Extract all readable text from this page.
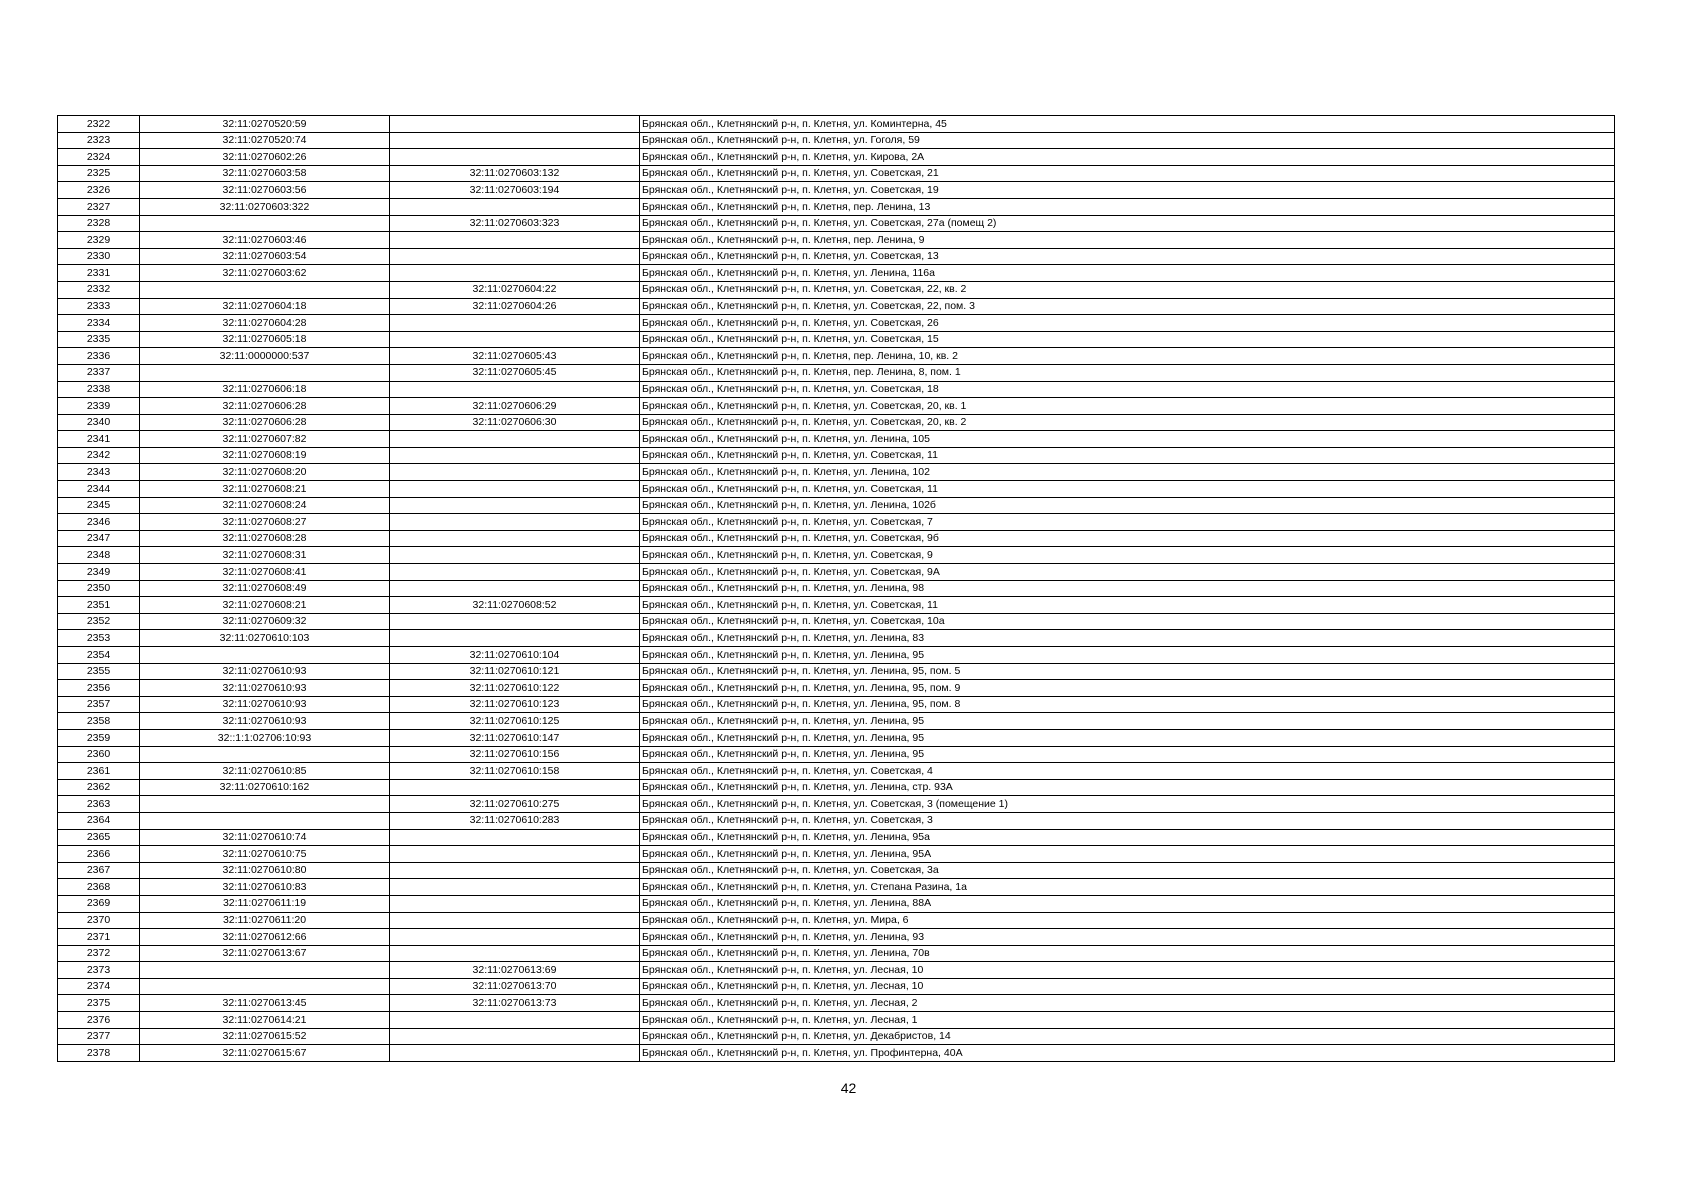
2322	32:11:0270520:59		Брянская обл., Клетнянский р-н, п. Клетня, ул. Коминтерна, 45
2323	32:11:0270520:74		Брянская обл., Клетнянский р-н, п. Клетня, ул. Гоголя, 59
2324	32:11:0270602:26		Брянская обл., Клетнянский р-н, п. Клетня, ул. Кирова, 2А
2325	32:11:0270603:58	32:11:0270603:132	Брянская обл., Клетнянский р-н, п. Клетня, ул. Советская, 21
2326	32:11:0270603:56	32:11:0270603:194	Брянская обл., Клетнянский р-н, п. Клетня, ул. Советская, 19
2327	32:11:0270603:322		Брянская обл., Клетнянский р-н, п. Клетня, пер. Ленина, 13
2328		32:11:0270603:323	Брянская обл., Клетнянский р-н, п. Клетня, ул. Советская, 27а (помещ 2)
2329	32:11:0270603:46		Брянская обл., Клетнянский р-н, п. Клетня, пер. Ленина, 9
2330	32:11:0270603:54		Брянская обл., Клетнянский р-н, п. Клетня, ул. Советская, 13
2331	32:11:0270603:62		Брянская обл., Клетнянский р-н, п. Клетня, ул. Ленина, 116а
2332		32:11:0270604:22	Брянская обл., Клетнянский р-н, п. Клетня, ул. Советская, 22, кв. 2
2333	32:11:0270604:18	32:11:0270604:26	Брянская обл., Клетнянский р-н, п. Клетня, ул. Советская, 22, пом. 3
2334	32:11:0270604:28		Брянская обл., Клетнянский р-н, п. Клетня, ул. Советская, 26
2335	32:11:0270605:18		Брянская обл., Клетнянский р-н, п. Клетня, ул. Советская, 15
2336	32:11:0000000:537	32:11:0270605:43	Брянская обл., Клетнянский р-н, п. Клетня, пер. Ленина, 10, кв. 2
2337		32:11:0270605:45	Брянская обл., Клетнянский р-н, п. Клетня, пер. Ленина, 8, пом. 1
2338	32:11:0270606:18		Брянская обл., Клетнянский р-н, п. Клетня, ул. Советская, 18
2339	32:11:0270606:28	32:11:0270606:29	Брянская обл., Клетнянский р-н, п. Клетня, ул. Советская, 20, кв. 1
2340	32:11:0270606:28	32:11:0270606:30	Брянская обл., Клетнянский р-н, п. Клетня, ул. Советская, 20, кв. 2
2341	32:11:0270607:82		Брянская обл., Клетнянский р-н, п. Клетня, ул. Ленина, 105
2342	32:11:0270608:19		Брянская обл., Клетнянский р-н, п. Клетня, ул. Советская, 11
2343	32:11:0270608:20		Брянская обл., Клетнянский р-н, п. Клетня, ул. Ленина, 102
2344	32:11:0270608:21		Брянская обл., Клетнянский р-н, п. Клетня, ул. Советская, 11
2345	32:11:0270608:24		Брянская обл., Клетнянский р-н, п. Клетня, ул. Ленина, 102б
2346	32:11:0270608:27		Брянская обл., Клетнянский р-н, п. Клетня, ул. Советская, 7
2347	32:11:0270608:28		Брянская обл., Клетнянский р-н, п. Клетня, ул. Советская, 9б
2348	32:11:0270608:31		Брянская обл., Клетнянский р-н, п. Клетня, ул. Советская, 9
2349	32:11:0270608:41		Брянская обл., Клетнянский р-н, п. Клетня, ул. Советская, 9А
2350	32:11:0270608:49		Брянская обл., Клетнянский р-н, п. Клетня, ул. Ленина, 98
2351	32:11:0270608:21	32:11:0270608:52	Брянская обл., Клетнянский р-н, п. Клетня, ул. Советская, 11
2352	32:11:0270609:32		Брянская обл., Клетнянский р-н, п. Клетня, ул. Советская, 10а
2353	32:11:0270610:103		Брянская обл., Клетнянский р-н, п. Клетня, ул. Ленина, 83
2354		32:11:0270610:104	Брянская обл., Клетнянский р-н, п. Клетня, ул. Ленина, 95
2355	32:11:0270610:93	32:11:0270610:121	Брянская обл., Клетнянский р-н, п. Клетня, ул. Ленина, 95, пом. 5
2356	32:11:0270610:93	32:11:0270610:122	Брянская обл., Клетнянский р-н, п. Клетня, ул. Ленина, 95, пом. 9
2357	32:11:0270610:93	32:11:0270610:123	Брянская обл., Клетнянский р-н, п. Клетня, ул. Ленина, 95, пом. 8
2358	32:11:0270610:93	32:11:0270610:125	Брянская обл., Клетнянский р-н, п. Клетня, ул. Ленина, 95
2359	32::1:1:02706:10:93	32:11:0270610:147	Брянская обл., Клетнянский р-н, п. Клетня, ул. Ленина, 95
2360		32:11:0270610:156	Брянская обл., Клетнянский р-н, п. Клетня, ул. Ленина, 95
2361	32:11:0270610:85	32:11:0270610:158	Брянская обл., Клетнянский р-н, п. Клетня, ул. Советская, 4
2362	32:11:0270610:162		Брянская обл., Клетнянский р-н, п. Клетня, ул. Ленина, стр. 93А
2363		32:11:0270610:275	Брянская обл., Клетнянский р-н, п. Клетня, ул. Советская, 3 (помещение 1)
2364		32:11:0270610:283	Брянская обл., Клетнянский р-н, п. Клетня, ул. Советская, 3
2365	32:11:0270610:74		Брянская обл., Клетнянский р-н, п. Клетня, ул. Ленина, 95а
2366	32:11:0270610:75		Брянская обл., Клетнянский р-н, п. Клетня, ул. Ленина, 95А
2367	32:11:0270610:80		Брянская обл., Клетнянский р-н, п. Клетня, ул. Советская, 3а
2368	32:11:0270610:83		Брянская обл., Клетнянский р-н, п. Клетня, ул. Степана Разина, 1а
2369	32:11:0270611:19		Брянская обл., Клетнянский р-н, п. Клетня, ул. Ленина, 88А
2370	32:11:0270611:20		Брянская обл., Клетнянский р-н, п. Клетня, ул. Мира, 6
2371	32:11:0270612:66		Брянская обл., Клетнянский р-н, п. Клетня, ул. Ленина, 93
2372	32:11:0270613:67		Брянская обл., Клетнянский р-н, п. Клетня, ул. Ленина, 70в
2373		32:11:0270613:69	Брянская обл., Клетнянский р-н, п. Клетня, ул. Лесная, 10
2374		32:11:0270613:70	Брянская обл., Клетнянский р-н, п. Клетня, ул. Лесная, 10
2375	32:11:0270613:45	32:11:0270613:73	Брянская обл., Клетнянский р-н, п. Клетня, ул. Лесная, 2
2376	32:11:0270614:21		Брянская обл., Клетнянский р-н, п. Клетня, ул. Лесная, 1
2377	32:11:0270615:52		Брянская обл., Клетнянский р-н, п. Клетня, ул. Декабристов, 14
2378	32:11:0270615:67		Брянская обл., Клетнянский р-н, п. Клетня, ул. Профинтерна, 40А
42
